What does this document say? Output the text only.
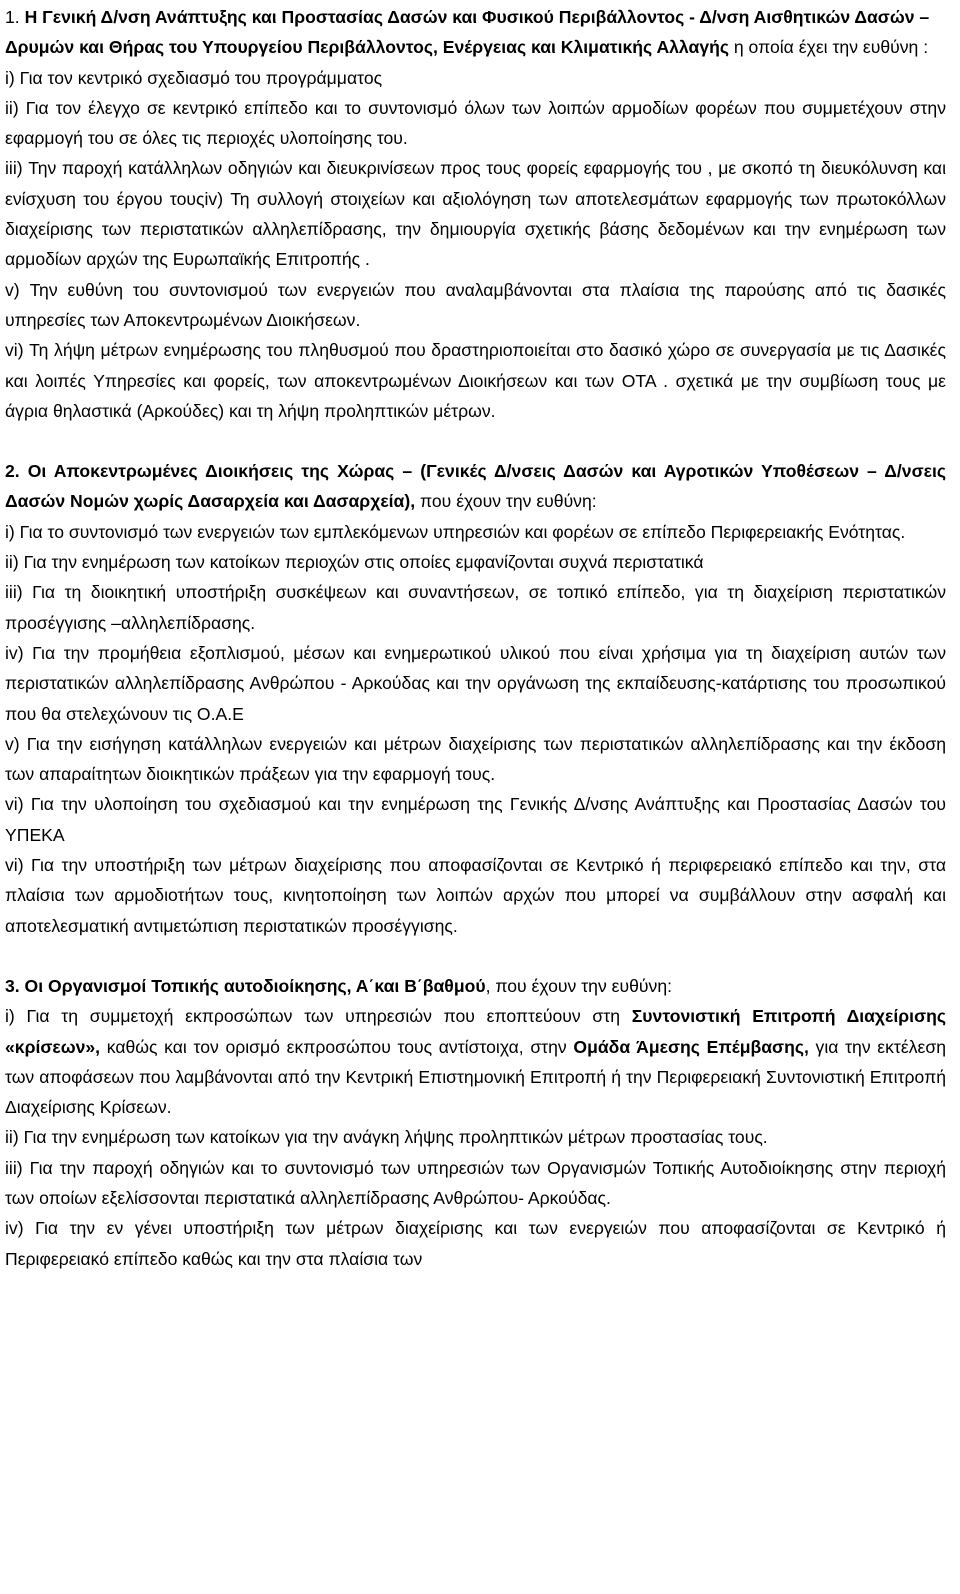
1. Η Γενική Δ/νση Ανάπτυξης και Προστασίας Δασών και Φυσικού Περιβάλλοντος - Δ/νση Αισθητικών Δασών – Δρυμών και Θήρας του Υπουργείου Περιβάλλοντος, Ενέργειας και Κλιματικής Αλλαγής η οποία έχει την ευθύνη :

i) Για τον κεντρικό σχεδιασμό του προγράμματος

ii) Για τον έλεγχο σε κεντρικό επίπεδο και το συντονισμό όλων των λοιπών αρμοδίων φορέων που συμμετέχουν στην εφαρμογή του σε όλες τις περιοχές υλοποίησης του.

iii) Την παροχή κατάλληλων οδηγιών και διευκρινίσεων προς τους φορείς εφαρμογής του , με σκοπό τη διευκόλυνση και ενίσχυση του έργου τουςiv) Τη συλλογή στοιχείων και αξιολόγηση των αποτελεσμάτων εφαρμογής των πρωτοκόλλων διαχείρισης των περιστατικών αλληλεπίδρασης, την δημιουργία σχετικής βάσης δεδομένων και την ενημέρωση των αρμοδίων αρχών της Ευρωπαϊκής Επιτροπής .

v) Την ευθύνη του συντονισμού των ενεργειών που αναλαμβάνονται στα πλαίσια της παρούσης από τις δασικές υπηρεσίες των Αποκεντρωμένων Διοικήσεων.

vi) Τη λήψη μέτρων ενημέρωσης του πληθυσμού που δραστηριοποιείται στο δασικό χώρο σε συνεργασία με τις Δασικές και λοιπές Υπηρεσίες και φορείς, των αποκεντρωμένων Διοικήσεων και των ΟΤΑ . σχετικά με την συμβίωση τους με άγρια θηλαστικά (Αρκούδες) και τη λήψη προληπτικών μέτρων.

2. Οι Αποκεντρωμένες Διοικήσεις της Χώρας – (Γενικές Δ/νσεις Δασών και Αγροτικών Υποθέσεων – Δ/νσεις Δασών Νομών χωρίς Δασαρχεία και Δασαρχεία), που έχουν την ευθύνη:

i) Για το συντονισμό των ενεργειών των εμπλεκόμενων υπηρεσιών και φορέων σε επίπεδο Περιφερειακής Ενότητας.

ii) Για την ενημέρωση των κατοίκων περιοχών στις οποίες εμφανίζονται συχνά περιστατικά

iii) Για τη διοικητική υποστήριξη συσκέψεων και συναντήσεων, σε τοπικό επίπεδο, για τη διαχείριση περιστατικών προσέγγισης –αλληλεπίδρασης.

iv) Για την προμήθεια εξοπλισμού, μέσων και ενημερωτικού υλικού που είναι χρήσιμα για τη διαχείριση αυτών των περιστατικών αλληλεπίδρασης Ανθρώπου - Αρκούδας και την οργάνωση της εκπαίδευσης-κατάρτισης του προσωπικού που θα στελεχώνουν τις Ο.Α.Ε

v) Για την εισήγηση κατάλληλων ενεργειών και μέτρων διαχείρισης των περιστατικών αλληλεπίδρασης και την έκδοση των απαραίτητων διοικητικών πράξεων για την εφαρμογή τους.

vi) Για την υλοποίηση του σχεδιασμού και την ενημέρωση της Γενικής Δ/νσης Ανάπτυξης και Προστασίας Δασών του ΥΠΕΚΑ

vi) Για την υποστήριξη των μέτρων διαχείρισης που αποφασίζονται σε Κεντρικό ή περιφερειακό επίπεδο και την, στα πλαίσια των αρμοδιοτήτων τους, κινητοποίηση των λοιπών αρχών που μπορεί να συμβάλλουν στην ασφαλή και αποτελεσματική αντιμετώπιση περιστατικών προσέγγισης.

3. Οι Οργανισμοί Τοπικής αυτοδιοίκησης, Α΄και Β΄βαθμού, που έχουν την ευθύνη:

i) Για τη συμμετοχή εκπροσώπων των υπηρεσιών που εποπτεύουν στη Συντονιστική Επιτροπή Διαχείρισης «κρίσεων», καθώς και τον ορισμό εκπροσώπου τους αντίστοιχα, στην Ομάδα Άμεσης Επέμβασης, για την εκτέλεση των αποφάσεων που λαμβάνονται από την Κεντρική Επιστημονική Επιτροπή ή την Περιφερειακή Συντονιστική Επιτροπή Διαχείρισης Κρίσεων.

ii) Για την ενημέρωση των κατοίκων για την ανάγκη λήψης προληπτικών μέτρων προστασίας τους.

iii) Για την παροχή οδηγιών και το συντονισμό των υπηρεσιών των Οργανισμών Τοπικής Αυτοδιοίκησης στην περιοχή των οποίων εξελίσσονται περιστατικά αλληλεπίδρασης Ανθρώπου- Αρκούδας.

iv) Για την εν γένει υποστήριξη των μέτρων διαχείρισης και των ενεργειών που αποφασίζονται σε Κεντρικό ή Περιφερειακό επίπεδο καθώς και την στα πλαίσια των
